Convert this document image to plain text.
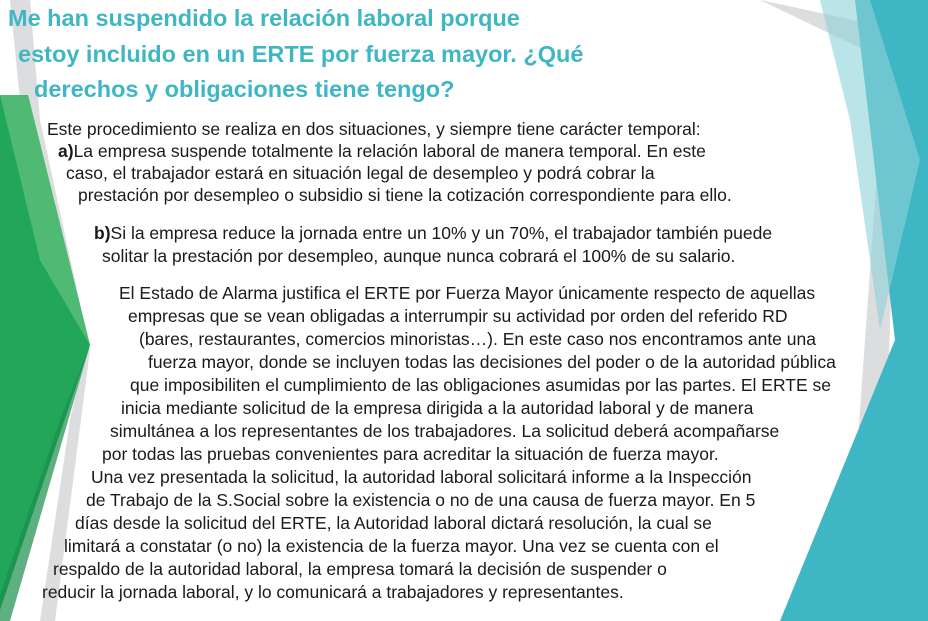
Me han suspendido la relación laboral porque
estoy incluido en un ERTE por fuerza mayor. ¿Qué
derechos y obligaciones tiene tengo?

Este procedimiento se realiza en dos situaciones, y siempre tiene carácter temporal:

a)La empresa suspende totalmente la relación laboral de manera temporal. En este

caso, el trabajador estará en situación legal de desempleo y podrá cobrar la

prestación por desempleo o subsidio si tiene la cotización correspondiente para ello.

b)Si la empresa reduce la jornada entre un 10% y un 70%, el trabajador también puede

solitar la prestación por desempleo, aunque nunca cobrará el 100% de su salario.

El Estado de Alarma justifica el ERTE por Fuerza Mayor únicamente respecto de aquellas

empresas que se vean obligadas a interrumpir su actividad por orden del referido RD

(bares, restaurantes, comercios minoristas…). En este caso nos encontramos ante una

fuerza mayor, donde se incluyen todas las decisiones del poder o de la autoridad pública

que imposibiliten el cumplimiento de las obligaciones asumidas por las partes. El ERTE se

inicia mediante solicitud de la empresa dirigida a la autoridad laboral y de manera

simultánea a los representantes de los trabajadores. La solicitud deberá acompañarse

por todas las pruebas convenientes para acreditar la situación de fuerza mayor.

Una vez presentada la solicitud, la autoridad laboral solicitará informe a la Inspección

de Trabajo de la S.Social sobre la existencia o no de una causa de fuerza mayor. En 5

días desde la solicitud del ERTE, la Autoridad laboral dictará resolución, la cual se

limitará a constatar (o no) la existencia de la fuerza mayor. Una vez se cuenta con el

respaldo de la autoridad laboral, la empresa tomará la decisión de suspender o

reducir la jornada laboral, y lo comunicará a trabajadores y representantes.
